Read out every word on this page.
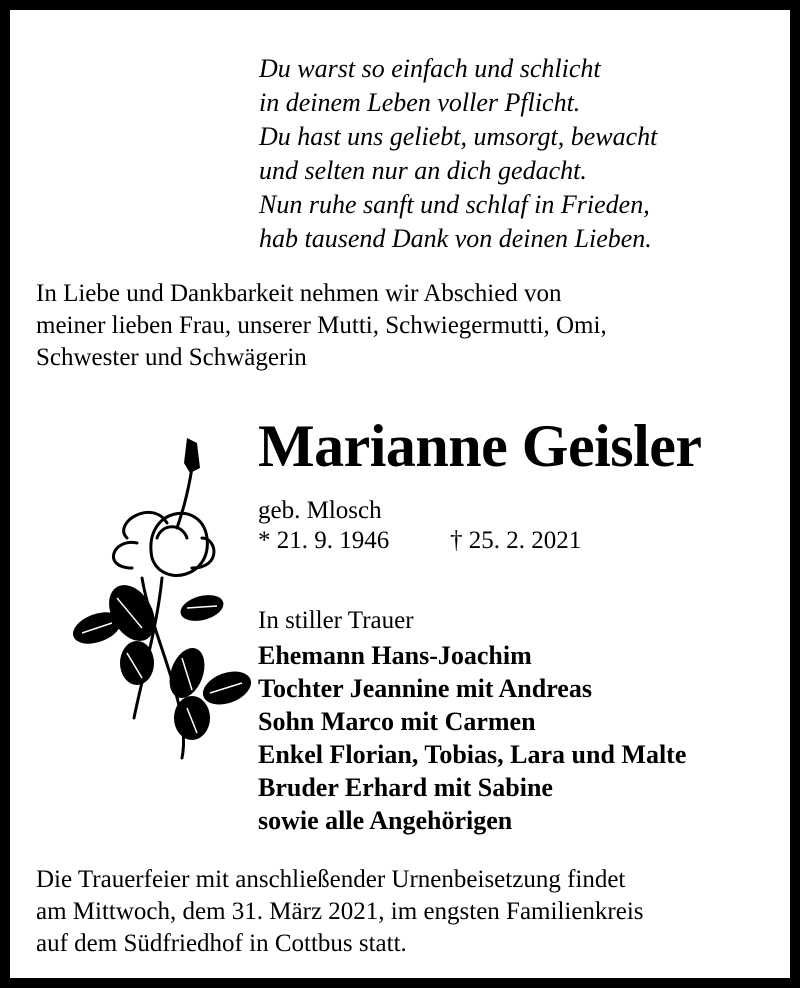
Du warst so einfach und schlicht
in deinem Leben voller Pflicht.
Du hast uns geliebt, umsorgt, bewacht
und selten nur an dich gedacht.
Nun ruhe sanft und schlaf in Frieden,
hab tausend Dank von deinen Lieben.
In Liebe und Dankbarkeit nehmen wir Abschied von
meiner lieben Frau, unserer Mutti, Schwiegermutti, Omi,
Schwester und Schwägerin
Marianne Geisler
geb. Mlosch
* 21. 9. 1946	† 25. 2. 2021
In stiller Trauer
Ehemann Hans-Joachim
Tochter Jeannine mit Andreas
Sohn Marco mit Carmen
Enkel Florian, Tobias, Lara und Malte
Bruder Erhard mit Sabine
sowie alle Angehörigen
Die Trauerfeier mit anschließender Urnenbeisetzung findet
am Mittwoch, dem 31. März 2021, im engsten Familienkreis
auf dem Südfriedhof in Cottbus statt.
